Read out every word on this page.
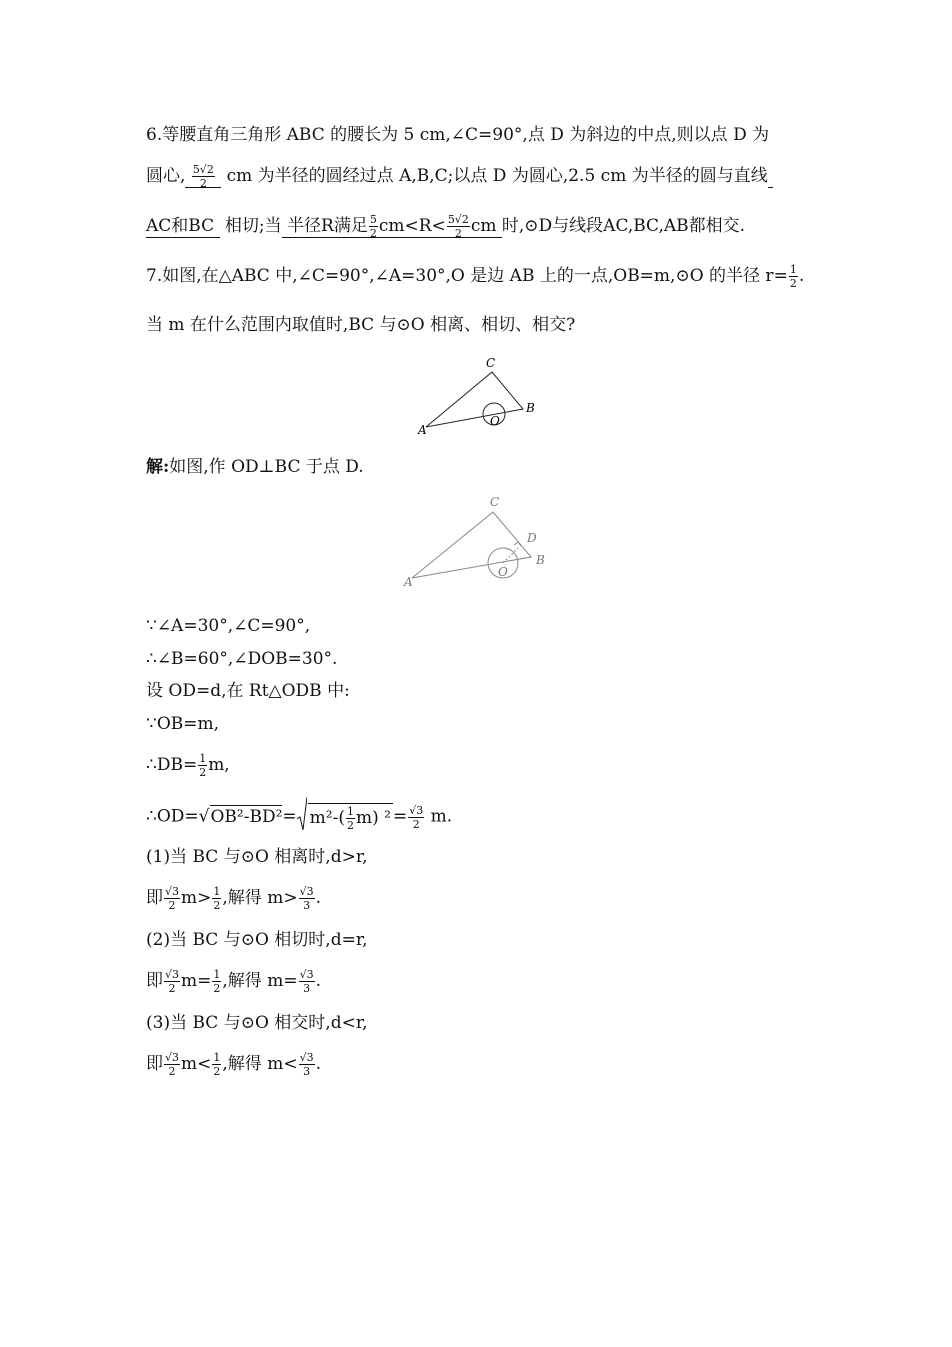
6.等腰直角三角形 ABC 的腰长为 5 cm,∠C=90°,点 D 为斜边的中点,则以点 D 为
圆心, $\frac{5√2}{2}$ cm 为半径的圆经过点 A,B,C;以点 D 为圆心,2.5 cm 为半径的圆与直线
AC和BC 相切;当 半径R满足 $\frac{5}{2} cm<R< \frac{5√2}{2}$ cm 时,⊙D与线段AC,BC,AB都相交.
7.如图,在△ABC 中,∠C=90°,∠A=30°,O 是边 AB 上的一点,OB=m,⊙O 的半径 $r= \frac{1}{2}$ .
当 m 在什么范围内取值时,BC 与⊙O 相离、相切、相交?
A
C
B
O
解:如图,作 OD⊥BC 于点 D.
A
C
D
B
O
∵∠A=30°,∠C=90°,
∴∠B=60°,∠DOB=30°.
设 OD=d,在 Rt△ODB 中:
∵OB=m,
∴DB= $\frac{1}{2} m$,
∴OD=√OB²-BD²= $m^2-( \frac{1}{2} m)$ $^2 = \frac{√3}{2} m$.
(1)当 BC 与⊙O 相离时,d>r,
即 $\frac{√3}{2} m> \frac{1}{2}$ ,解得 $m> \frac{√3}{3}$ .
(2)当 BC 与⊙O 相切时,d=r,
即 $\frac{√3}{2} m= \frac{1}{2}$ ,解得 $m= \frac{√3}{3}$ .
(3)当 BC 与⊙O 相交时,d<r,
即 $\frac{√3}{2} m< \frac{1}{2}$ ,解得 $m< \frac{√3}{3}$ .
